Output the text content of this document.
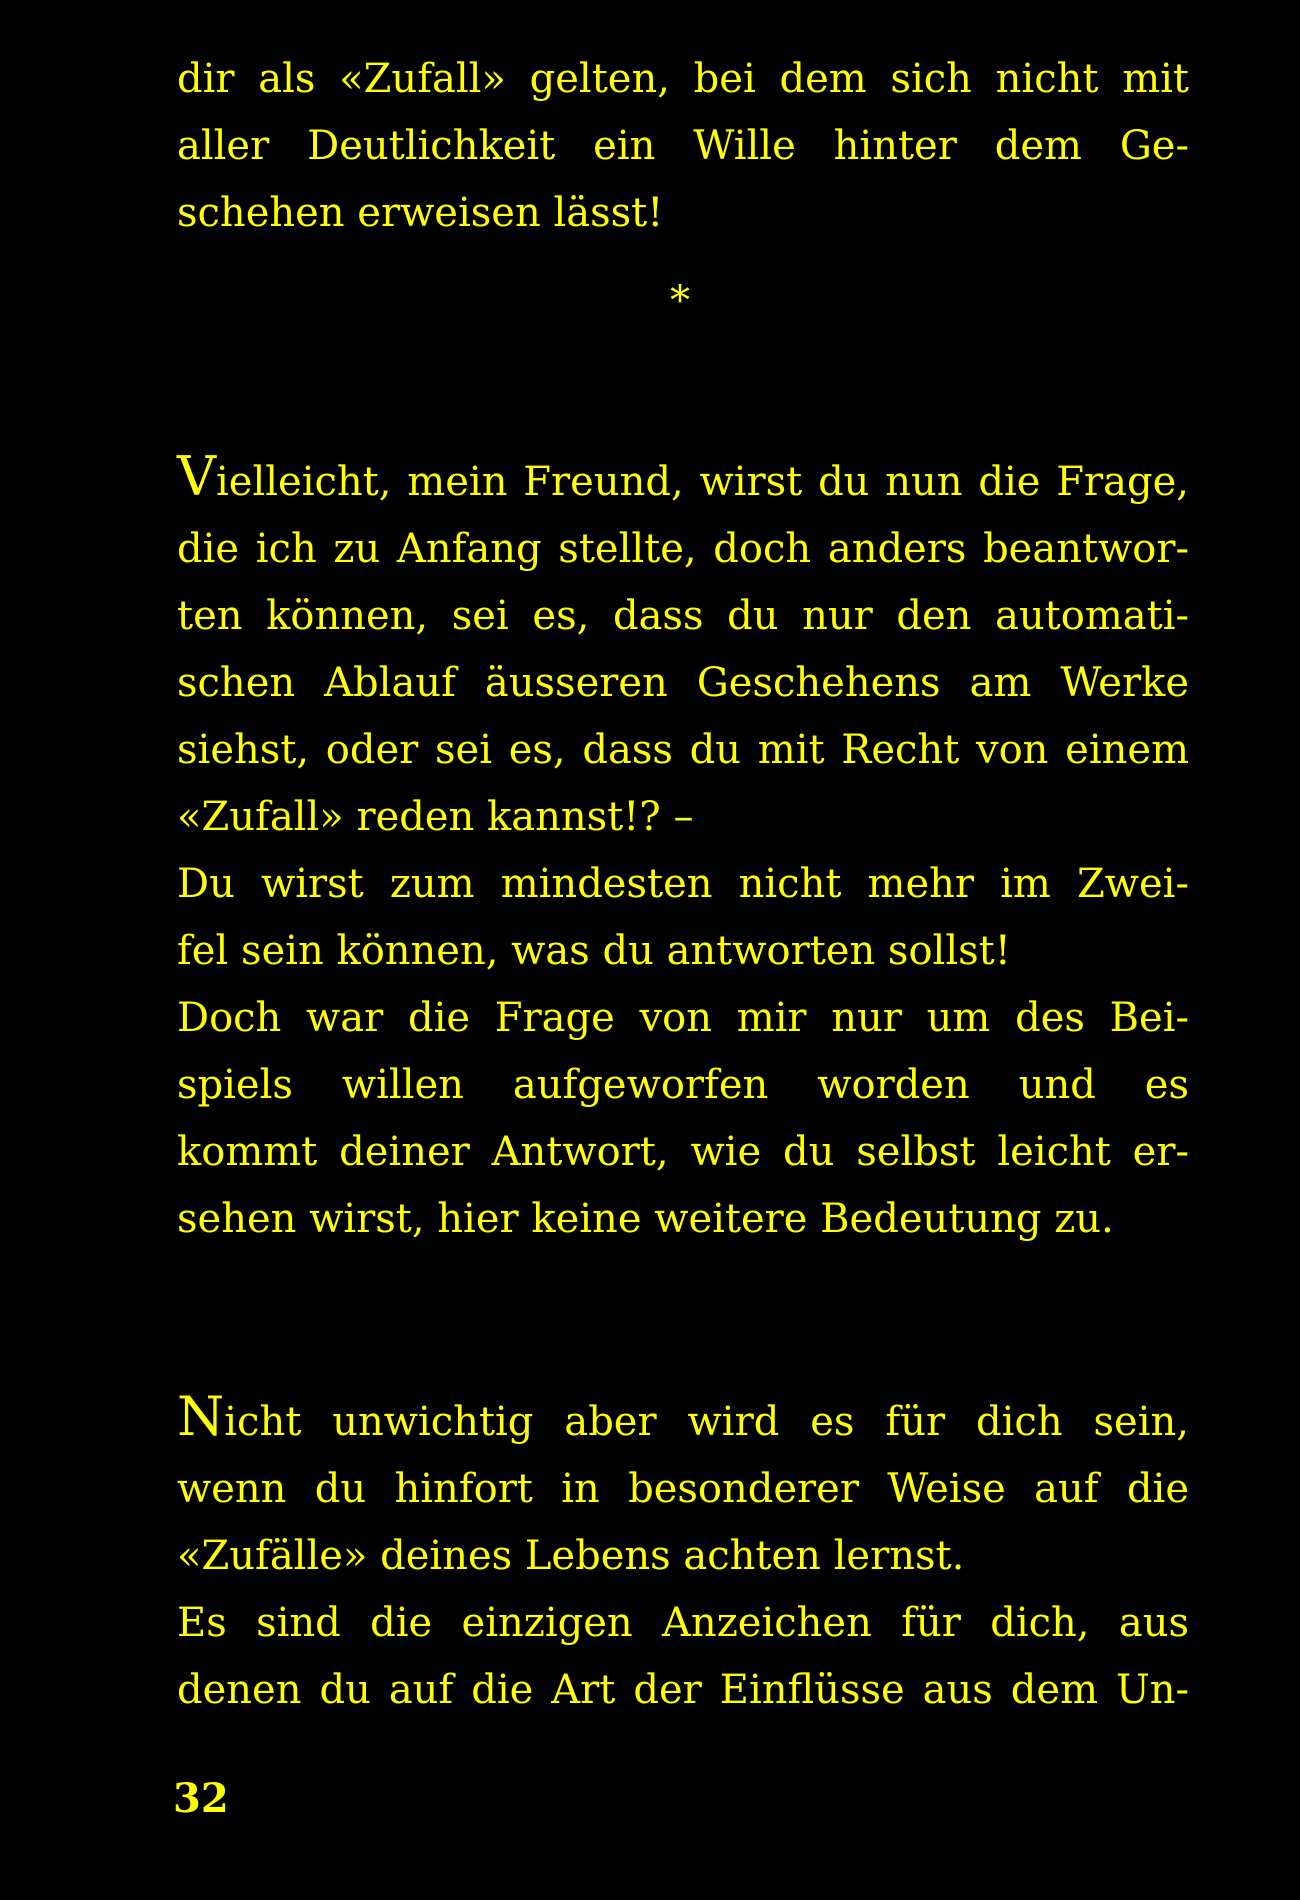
dir als «Zufall» gelten, bei dem sich nicht mit
aller Deutlichkeit ein Wille hinter dem Ge-
schehen erweisen lässt!
*
Vielleicht, mein Freund, wirst du nun die Frage,
die ich zu Anfang stellte, doch anders beantwor-
ten können, sei es, dass du nur den automati-
schen Ablauf äusseren Geschehens am Werke
siehst, oder sei es, dass du mit Recht von einem
«Zufall» reden kannst!? –
Du wirst zum mindesten nicht mehr im Zwei-
fel sein können, was du antworten sollst!
Doch war die Frage von mir nur um des Bei-
spiels willen aufgeworfen worden und es
kommt deiner Antwort, wie du selbst leicht er-
sehen wirst, hier keine weitere Bedeutung zu.
Nicht unwichtig aber wird es für dich sein,
wenn du hinfort in besonderer Weise auf die
«Zufälle» deines Lebens achten lernst.
Es sind die einzigen Anzeichen für dich, aus
denen du auf die Art der Einflüsse aus dem Un-
32
